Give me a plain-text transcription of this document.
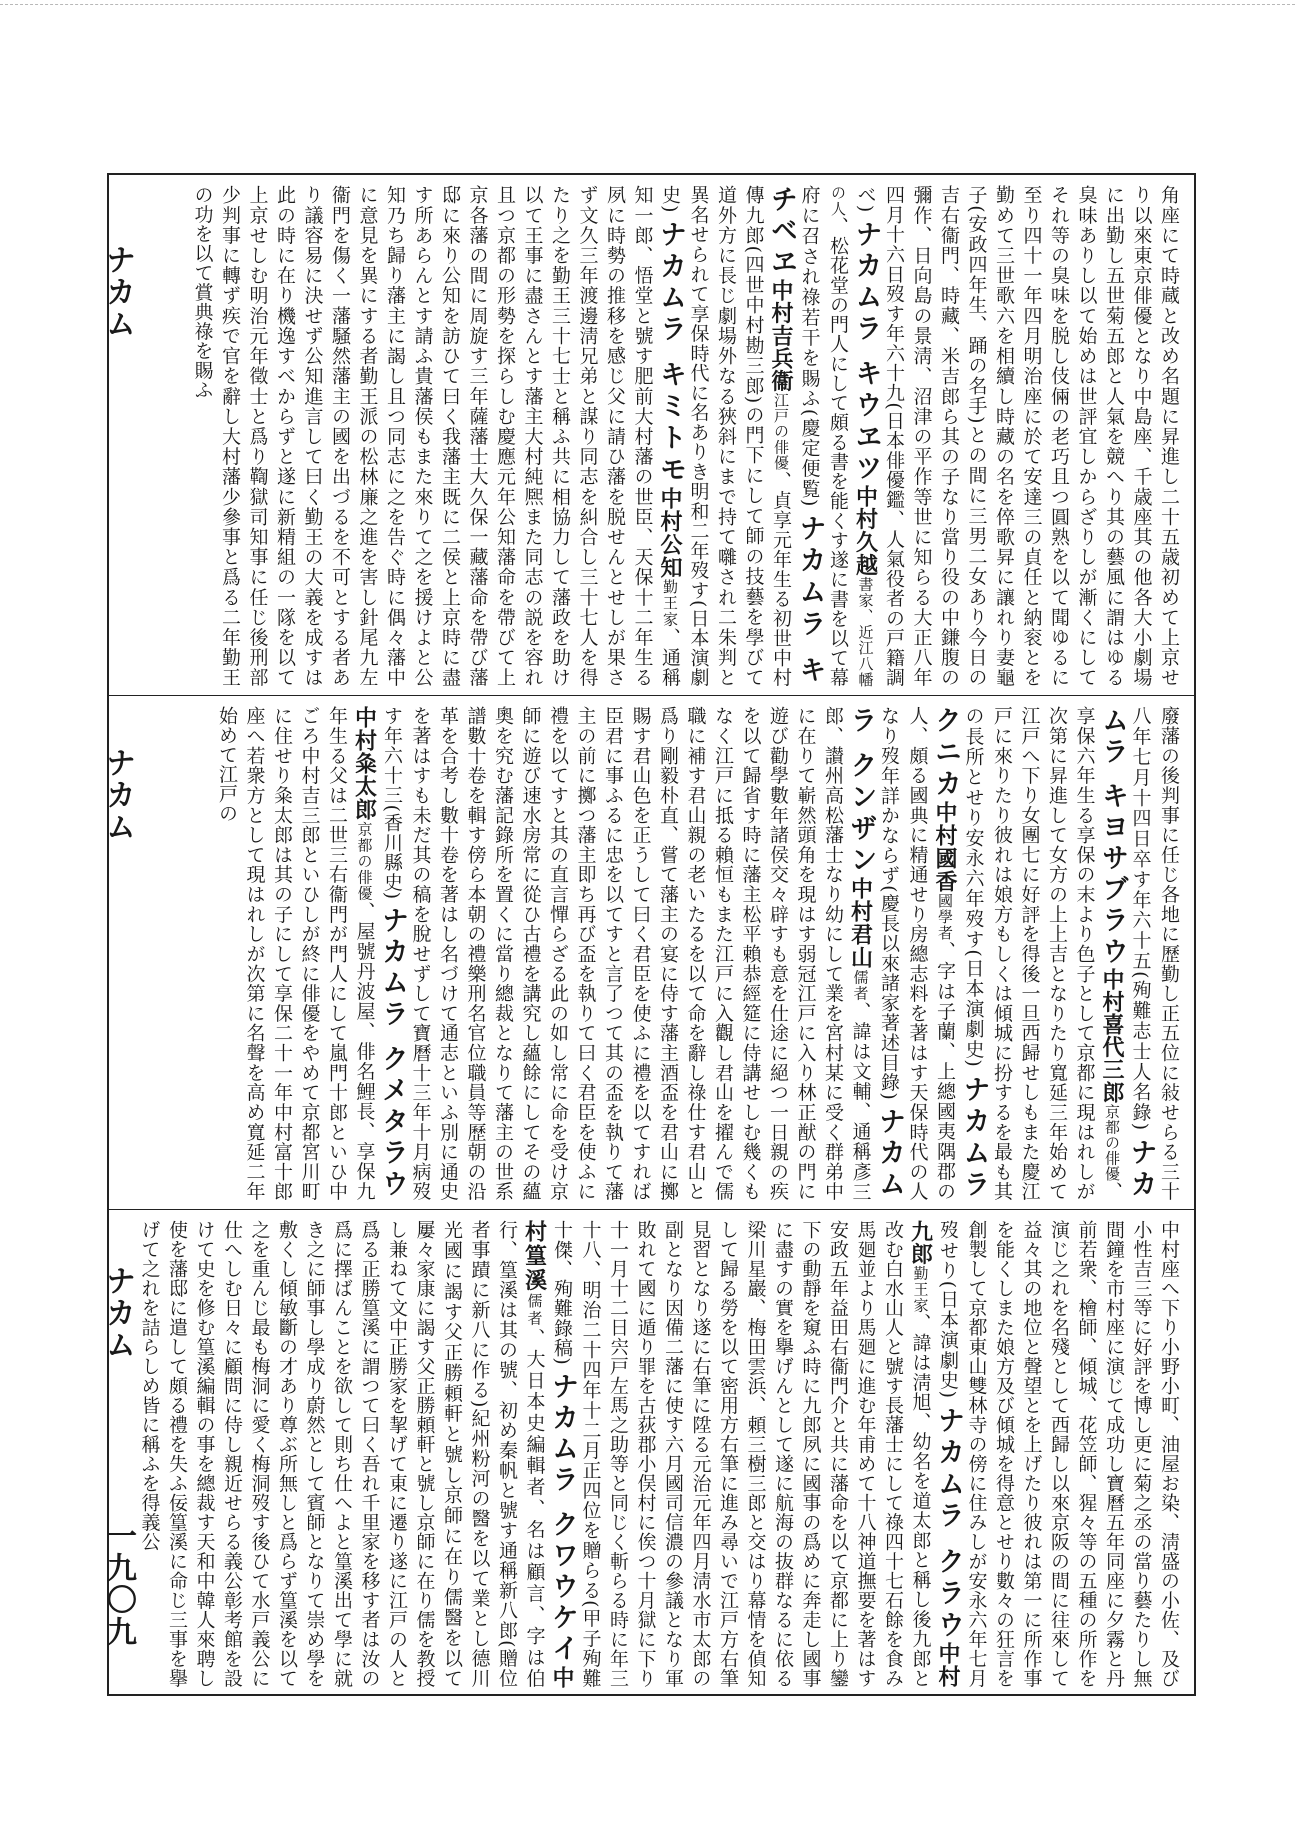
角座にて時蔵と改め名題に昇進し二十五歳初めて上京せり以來東京俳優となり中島座、千歳座其の他各大小劇場に出勤し五世菊五郎と人氣を競へり其の藝風に謂はゆる臭味ありし以て始めは世評宜しからざりしが漸くにしてそれ等の臭味を脱し伎倆の老巧且つ圓熟を以て聞ゆるに至り四十一年四月明治座に於て安達三の貞任と納衮とを勤めて三世歌六を相續し時藏の名を倅歌昇に讓れり妻龜子(安政四年生、踊の名手)との間に三男二女あり今日の吉右衞門、時藏、米吉郎ら其の子なり當り役の中鎌腹の彌作、日向島の景淸、沼津の平作等世に知らる大正八年四月十六日歿す年六十九(日本俳優鑑、人氣役者の戸籍調べ) ナカムラ キウヱツ中村久越書家、近江八幡の人、松花堂の門人にして頗る書を能くす遂に書を以て幕府に召され祿若干を賜ふ(慶定便覧) ナカムラ キチベヱ中村吉兵衞江戸の俳優、貞享元年生る初世中村傳九郎(四世中村勘三郎)の門下にして師の技藝を學びて道外方に長じ劇場外なる狹斜にまで持て囃され二朱判と異名せられて享保時代に名ありき明和二年歿す(日本演劇史) ナカムラ キミトモ中村公知勤王家、通稱知一郎、悟堂と號す肥前大村藩の世臣、天保十二年生る夙に時勢の推移を感じ父に請ひ藩を脱せんとせしが果さず文久三年渡邊淸兄弟と謀り同志を糾合し三十七人を得たり之を勤王三十七士と稱ふ共に相協力して藩政を助け以て王事に盡さんとす藩主大村純熈また同志の説を容れ且つ京都の形勢を探らしむ慶應元年公知藩命を帶びて上京各藩の間に周旋す三年薩藩士大久保一藏藩命を帶び藩邸に來り公知を訪ひて曰く我藩主既に二侯と上京時に盡す所あらんとす請ふ貴藩侯もまた來りて之を援けよと公知乃ち歸り藩主に謁し且つ同志に之を告ぐ時に偶々藩中に意見を異にする者勤王派の松林廉之進を害し針尾九左衞門を傷く一藩騒然藩主の國を出づるを不可とする者あり議容易に決せず公知進言して曰く勤王の大義を成すは此の時に在り機逸すべからずと遂に新精組の一隊を以て上京せしむ明治元年徵士と爲り鞫獄司知事に任じ後刑部少判事に轉ず疾で官を辭し大村藩少參事と爲る二年勤王の功を以て賞典祿を賜ふ
廢藩の後判事に任じ各地に歷勤し正五位に敍せらる三十八年七月十四日卒す年六十五(殉難志士人名錄) ナカムラ キヨサブラウ中村喜代三郎京都の俳優、享保六年生る享保の末より色子として京都に現はれしが次第に昇進して女方の上上吉となりたり寬延三年始めて江戸へ下り女團七に好評を得後一旦西歸せしもまた慶江戸に來りたり彼れは娘方もしくは傾城に扮するを最も其の長所とせり安永六年歿す(日本演劇史) ナカムラ クニカ中村國香國學者、字は子蘭、上總國夷隅郡の人、頗る國典に精通せり房總志料を著はす天保時代の人なり歿年詳かならず(慶長以來諸家著述目錄) ナカムラ クンザン中村君山儒者、諱は文輔、通稱彥三郎、讃州高松藩士なり幼にして業を宮村某に受く群弟中に在りて嶄然頭角を現はす弱冠江戸に入り林正猷の門に遊び勸學數年諸侯交々辟すも意を仕途に絕つ一日親の疾を以て歸省す時に藩主松平賴恭經筵に侍講せしむ幾くもなく江戸に抵る賴恒もまた江戸に入觀し君山を擢んで儒職に補す君山親の老いたるを以て命を辭し祿仕す君山と爲り剛毅朴直、嘗て藩主の宴に侍す藩主酒盃を君山に擲賜す君山色を正うして曰く君臣を使ふに禮を以てすれば臣君に事ふるに忠を以てすと言了つて其の盃を執りて藩主の前に擲つ藩主即ち再び盃を執りて曰く君臣を使ふに禮を以てすと其の直言憚らざる此の如し常に命を受け京師に遊び速水房常に從ひ古禮を講究し蘊餘にしてその蘊奧を究む藩記錄所を置くに當り總裁となりて藩主の世系譜數十卷を輯す傍ら本朝の禮樂刑名官位職員等歷朝の沿革を合考し數十卷を著はし名づけて通志といふ別に通史を著はすも未だ其の稿を脫せずして寶曆十三年十月病歿す年六十三(香川縣史) ナカムラ クメタラウ中村粂太郎京都の俳優、屋號丹波屋、俳名鯉長、享保九年生る父は二世三右衞門が門人にして嵐門十郎といひ中ごろ中村吉三郎といひしが終に俳優をやめて京都宮川町に住せり粂太郎は其の子にして享保二十一年中村富十郎座へ若衆方として現はれしが次第に名聲を高め寬延二年始めて江戸の
中村座へ下り小野小町、油屋お染、淸盛の小佐、及び小性吉三等に好評を博し更に菊之丞の當り藝たりし無間鐘を市村座に演じて成功し寶曆五年同座に夕霧と丹前若衆、檜師、傾城、花笠師、猩々等の五種の所作を演じ之れを名殘として西歸し以來京阪の間に往來して益々其の地位と聲望とを上げたり彼れは第一に所作事を能くしまた娘方及び傾城を得意とせり數々の狂言を創製して京都東山雙林寺の傍に住みしが安永六年七月歿せり(日本演劇史) ナカムラ クラウ中村九郎勤王家、諱は淸旭、幼名を道太郎と稱し後九郎と改む白水山人と號す長藩士にして祿四十七石餘を食み馬廻並より馬廻に進む年甫めて十八神道撫要を著はす安政五年益田右衞門介と共に藩命を以て京都に上り鑾下の動靜を窺ふ時に九郎夙に國事の爲めに奔走し國事に盡すの實を擧げんとして遂に航海の抜群なるに依る梁川星巖、梅田雲浜、頼三樹三郎と交はり幕情を偵知して歸る勞を以て密用方右筆に進み尋いで江戸方右筆見習となり遂に右筆に陞る元治元年四月淸水市太郎の副となり因備二藩に使す六月國司信濃の參議となり軍敗れて國に遁り罪を古荻郡小俣村に俟つ十月獄に下り十一月十二日宍戸左馬之助等と同じく斬らる時に年三十八、明治二十四年十二月正四位を贈らる(甲子殉難十傑、殉難錄稿) ナカムラ クワウケイ中村篁溪儒者、大日本史編輯者、名は顧言、字は伯行、篁溪は其の號、初め秦帆と號す通稱新八郎(贈位者事蹟に新八に作る)紀州粉河の醫を以て業とし德川光國に謁す父正勝頼軒と號し京師に在り儒醫を以て屢々家康に謁す父正勝頼軒と號し京師に在り儒を教授し兼ねて文中正勝家を挈げて東に遷り遂に江戸の人と爲る正勝篁溪に謂つて曰く吾れ千里家を移す者は汝の爲に擇ばんことを欲して則ち仕へよと篁溪出て學に就き之に師事し學成り蔚然として賓師となりて崇め學を敷くし傾敏斷の才あり尊ぶ所無しと爲らず篁溪を以て之を重んじ最も梅洞に愛く梅洞歿す後ひて水戸義公に仕へしむ日々に顧問に侍し親近せらる義公彰考館を設けて史を修む篁溪編輯の事を總裁す天和中韓人來聘し使を藩邸に遣して頗る禮を失ふ佞篁溪に命じ三事を擧げて之れを詰らしめ皆に稱ふを得義公
ナカム
ナカム
ナカム
一九〇九
